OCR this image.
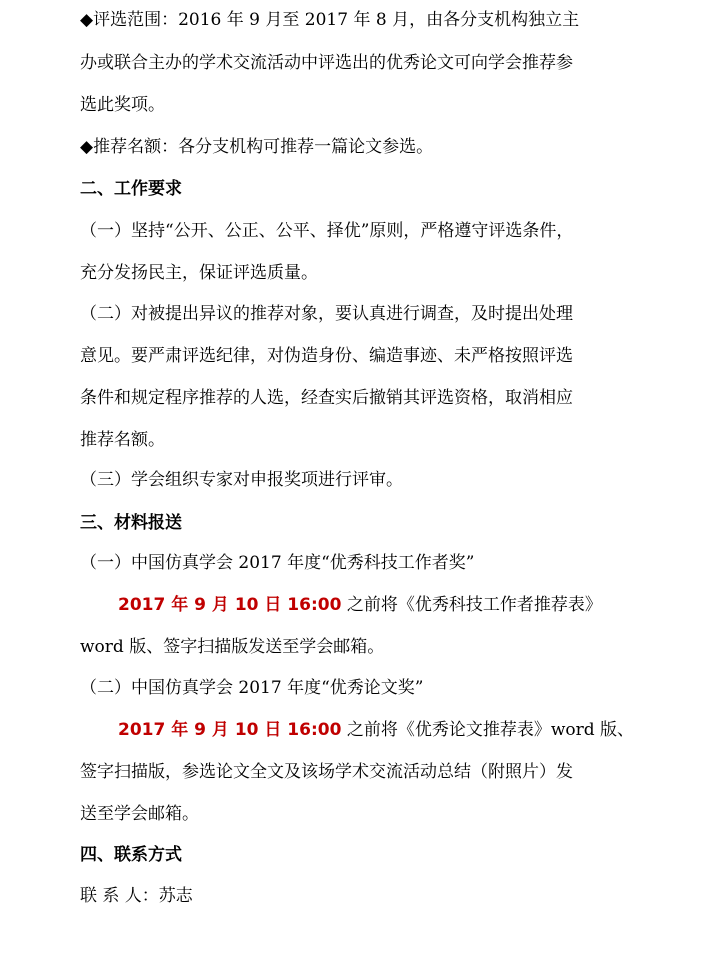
◆评选范围：2016 年 9 月至 2017 年 8 月，由各分支机构独立主
办或联合主办的学术交流活动中评选出的优秀论文可向学会推荐参
选此奖项。
◆推荐名额：各分支机构可推荐一篇论文参选。
二、工作要求
（一）坚持“公开、公正、公平、择优”原则，严格遵守评选条件，
充分发扬民主，保证评选质量。
（二）对被提出异议的推荐对象，要认真进行调查，及时提出处理
意见。要严肃评选纪律，对伪造身份、编造事迹、未严格按照评选
条件和规定程序推荐的人选，经查实后撤销其评选资格，取消相应
推荐名额。
（三）学会组织专家对申报奖项进行评审。
三、材料报送
（一）中国仿真学会 2017 年度“优秀科技工作者奖”
2017 年 9 月 10 日 16:00 之前将《优秀科技工作者推荐表》
word 版、签字扫描版发送至学会邮箱。
（二）中国仿真学会 2017 年度“优秀论文奖”
2017 年 9 月 10 日 16:00 之前将《优秀论文推荐表》word 版、
签字扫描版，参选论文全文及该场学术交流活动总结（附照片）发
送至学会邮箱。
四、联系方式
联 系 人：苏志
